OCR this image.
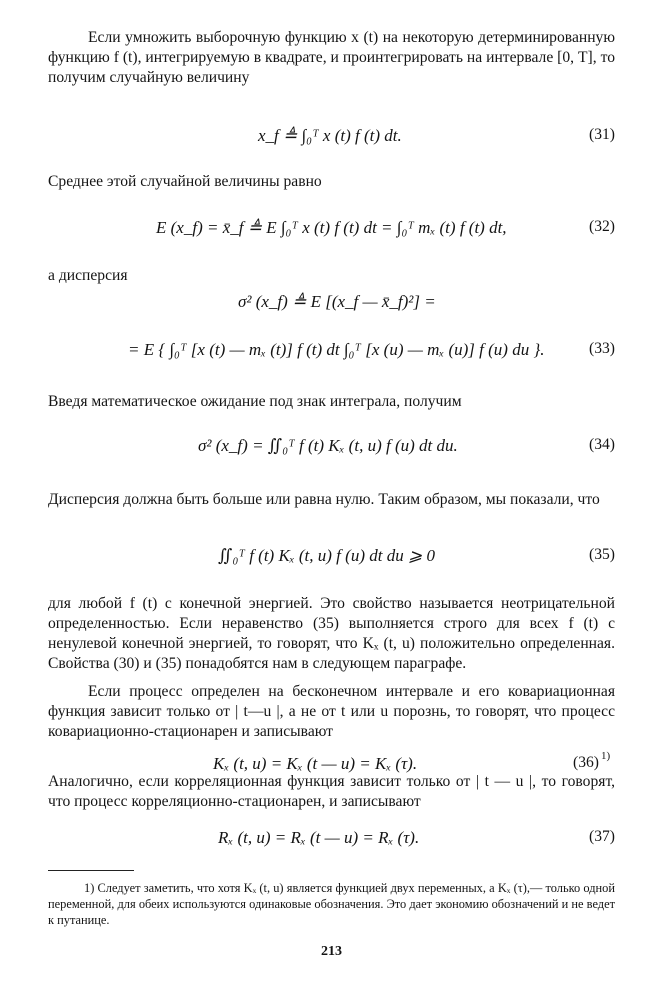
Если умножить выборочную функцию x (t) на некоторую детерминированную функцию f (t), интегрируемую в квадрате, и проинтегрировать на интервале [0, T], то получим случайную величину

x_f ≜ ∫₀ᵀ x (t) f (t) dt.	(31)

Среднее этой случайной величины равно

E (x_f) = x̄_f ≜ E ∫₀ᵀ x (t) f (t) dt = ∫₀ᵀ mₓ (t) f (t) dt,	(32)

а дисперсия

σ² (x_f) ≜ E [(x_f — x̄_f)²] =
= E { ∫₀ᵀ [x (t) — mₓ (t)] f (t) dt ∫₀ᵀ [x (u) — mₓ (u)] f (u) du }.	(33)

Введя математическое ожидание под знак интеграла, получим

σ² (x_f) = ∬₀ᵀ f (t) Kₓ (t, u) f (u) dt du.	(34)

Дисперсия должна быть больше или равна нулю. Таким образом, мы показали, что

∬₀ᵀ f (t) Kₓ (t, u) f (u) dt du ⩾ 0	(35)

для любой f (t) с конечной энергией. Это свойство называется неотрицательной определенностью. Если неравенство (35) выполняется строго для всех f (t) с ненулевой конечной энергией, то говорят, что Kₓ (t, u) положительно определенная. Свойства (30) и (35) понадобятся нам в следующем параграфе.

Если процесс определен на бесконечном интервале и его ковариационная функция зависит только от | t—u |, а не от t или u порознь, то говорят, что процесс ковариационно-стационарен и записывают

Kₓ (t, u) = Kₓ (t — u) = Kₓ (τ).	(36) 1)

Аналогично, если корреляционная функция зависит только от | t — u |, то говорят, что процесс корреляционно-стационарен, и записывают

Rₓ (t, u) = Rₓ (t — u) = Rₓ (τ).	(37)

1) Следует заметить, что хотя Kₓ (t, u) является функцией двух переменных, а Kₓ (τ),— только одной переменной, для обеих используются одинаковые обозначения. Это дает экономию обозначений и не ведет к путанице.

213
